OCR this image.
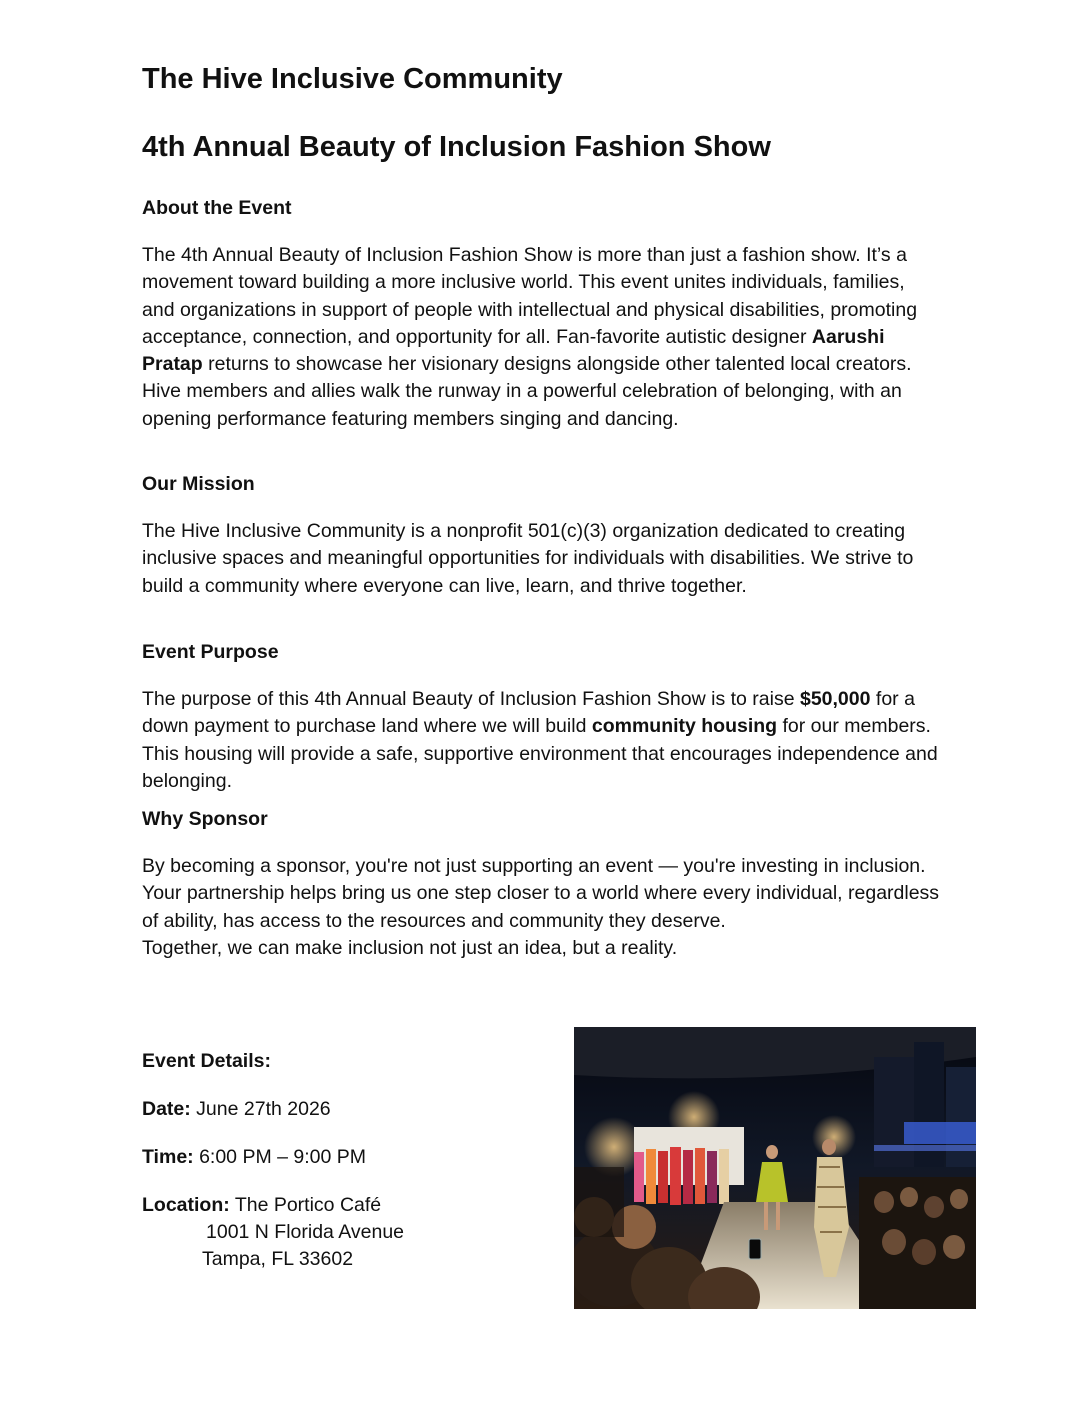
The Hive Inclusive Community
4th Annual Beauty of Inclusion Fashion Show
About the Event

The 4th Annual Beauty of Inclusion Fashion Show is more than just a fashion show. It’s a movement toward building a more inclusive world. This event unites individuals, families, and organizations in support of people with intellectual and physical disabilities, promoting acceptance, connection, and opportunity for all. Fan-favorite autistic designer Aarushi Pratap returns to showcase her visionary designs alongside other talented local creators. Hive members and allies walk the runway in a powerful celebration of belonging, with an opening performance featuring members singing and dancing.

Our Mission

The Hive Inclusive Community is a nonprofit 501(c)(3) organization dedicated to creating inclusive spaces and meaningful opportunities for individuals with disabilities. We strive to build a community where everyone can live, learn, and thrive together.

Event Purpose

The purpose of this 4th Annual Beauty of Inclusion Fashion Show is to raise $50,000 for a down payment to purchase land where we will build community housing for our members. This housing will provide a safe, supportive environment that encourages independence and belonging.

Why Sponsor

By becoming a sponsor, you're not just supporting an event — you're investing in inclusion. Your partnership helps bring us one step closer to a world where every individual, regardless of ability, has access to the resources and community they deserve.
Together, we can make inclusion not just an idea, but a reality.

Event Details:
Date: June 27th 2026
Time: 6:00 PM – 9:00 PM
Location: The Portico Café
1001 N Florida Avenue
Tampa, FL 33602
